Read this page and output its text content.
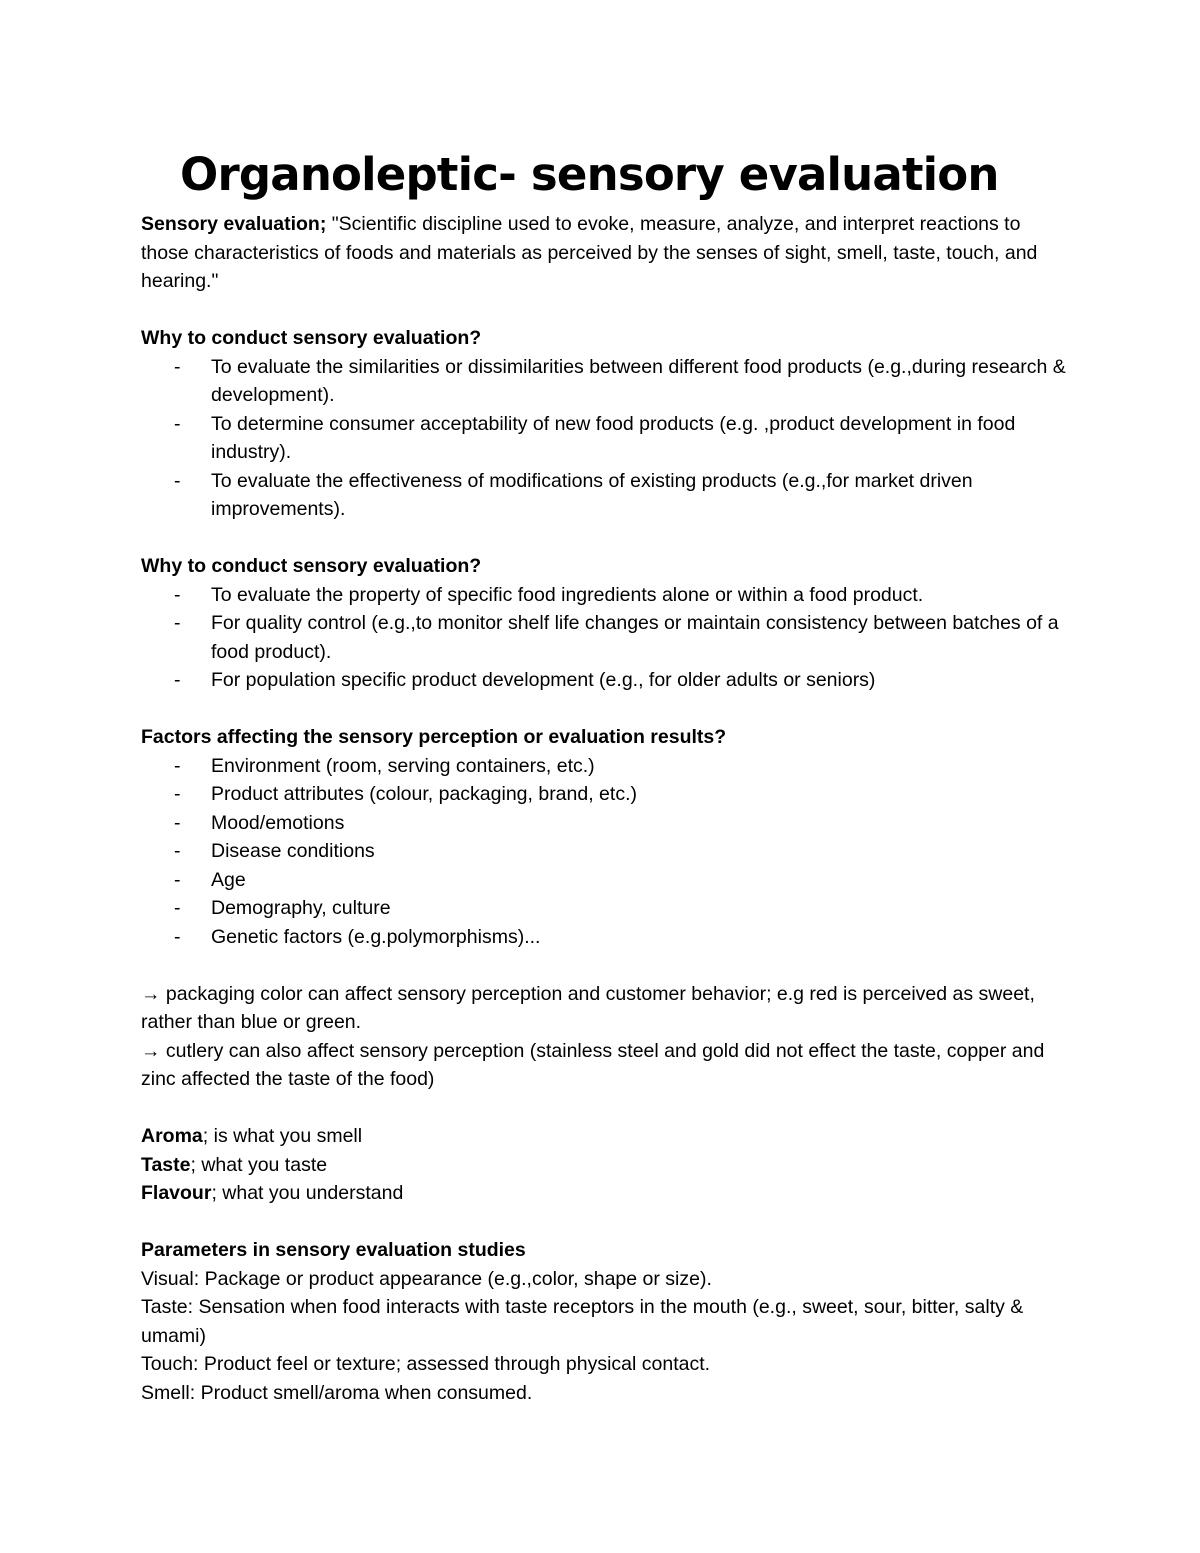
Organoleptic- sensory evaluation

Sensory evaluation; "Scientific discipline used to evoke, measure, analyze, and interpret reactions to those characteristics of foods and materials as perceived by the senses of sight, smell, taste, touch, and hearing."

Why to conduct sensory evaluation?

- To evaluate the similarities or dissimilarities between different food products (e.g.,during research & development).
- To determine consumer acceptability of new food products (e.g. ,product development in food industry).
- To evaluate the effectiveness of modifications of existing products (e.g.,for market driven improvements).

Why to conduct sensory evaluation?

- To evaluate the property of specific food ingredients alone or within a food product.
- For quality control (e.g.,to monitor shelf life changes or maintain consistency between batches of a food product).
- For population specific product development (e.g., for older adults or seniors)

Factors affecting the sensory perception or evaluation results?

- Environment (room, serving containers, etc.)
- Product attributes (colour, packaging, brand, etc.)
- Mood/emotions
- Disease conditions
- Age
- Demography, culture
- Genetic factors (e.g.polymorphisms)...

→ packaging color can affect sensory perception and customer behavior; e.g red is perceived as sweet, rather than blue or green.

→ cutlery can also affect sensory perception (stainless steel and gold did not effect the taste, copper and zinc affected the taste of the food)

Aroma; is what you smell

Taste; what you taste

Flavour; what you understand

Parameters in sensory evaluation studies

Visual: Package or product appearance (e.g.,color, shape or size).

Taste: Sensation when food interacts with taste receptors in the mouth (e.g., sweet, sour, bitter, salty & umami)

Touch: Product feel or texture; assessed through physical contact.

Smell: Product smell/aroma when consumed.
